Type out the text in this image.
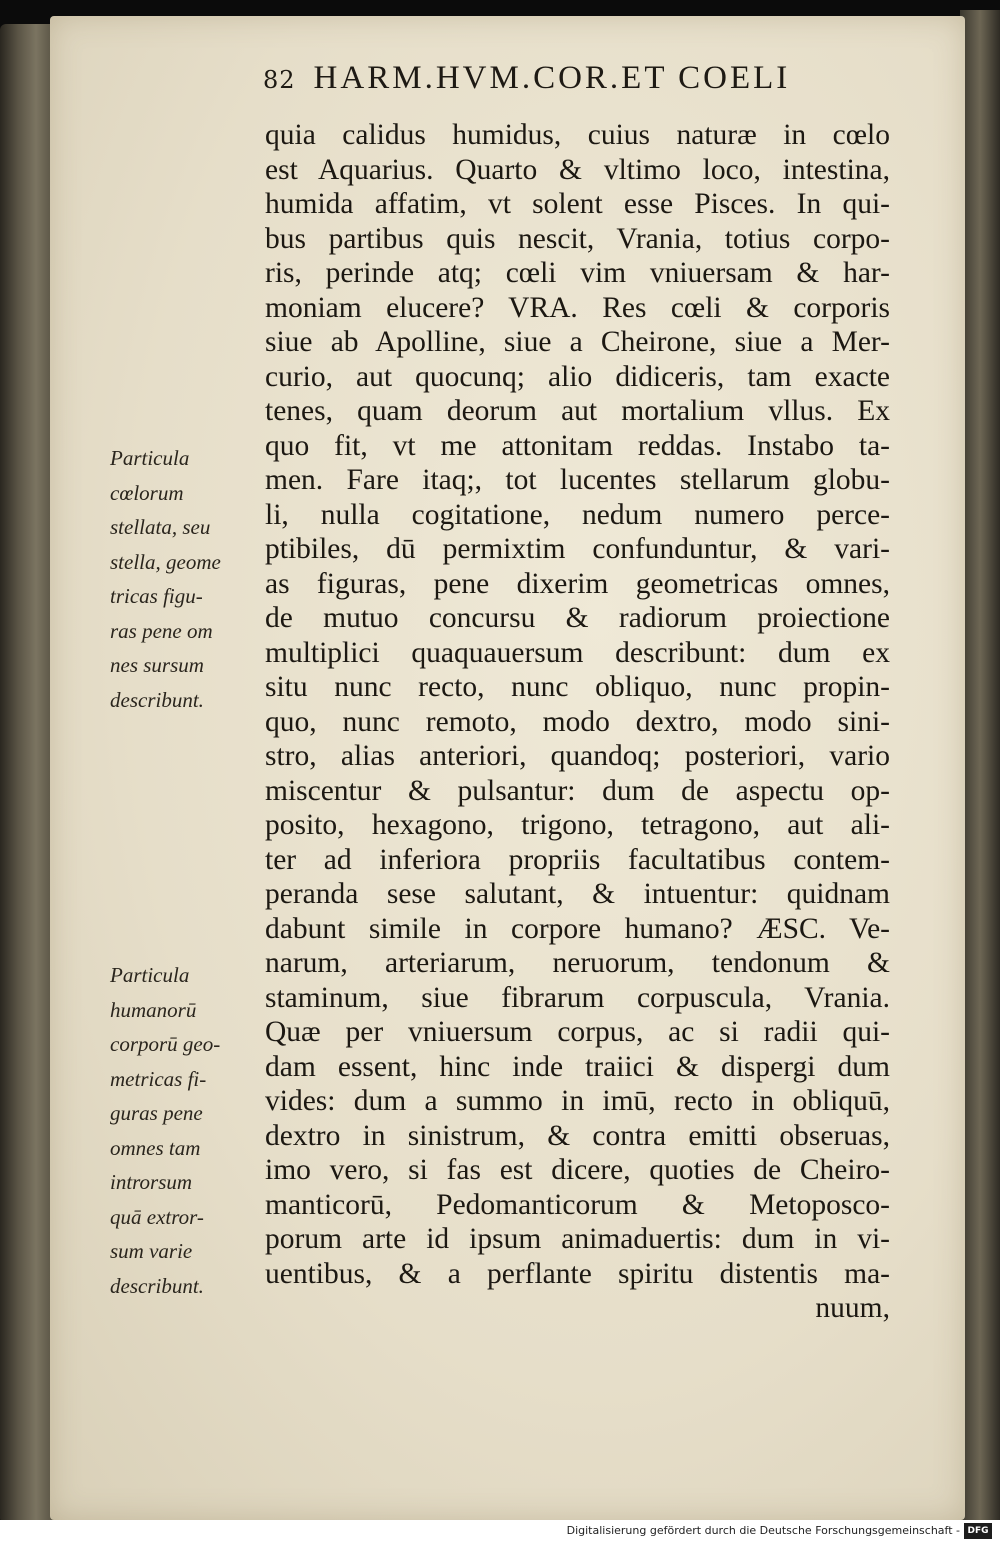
82 HARM.HVM.COR.ET COELI
quia calidus humidus, cuius naturæ in cœlo
est Aquarius. Quarto & vltimo loco, intestina,
humida affatim, vt solent esse Pisces. In qui-
bus partibus quis nescit, Vrania, totius corpo-
ris, perinde atq; cœli vim vniuersam & har-
moniam elucere? VRA. Res cœli & corporis
siue ab Apolline, siue a Cheirone, siue a Mer-
curio, aut quocunq; alio didiceris, tam exacte
tenes, quam deorum aut mortalium vllus. Ex
quo fit, vt me attonitam reddas. Instabo ta-
men. Fare itaq;, tot lucentes stellarum globu-
li, nulla cogitatione, nedum numero perce-
ptibiles, dū permixtim confunduntur, & vari-
as figuras, pene dixerim geometricas omnes,
de mutuo concursu & radiorum proiectione
multiplici quaquauersum describunt: dum ex
situ nunc recto, nunc obliquo, nunc propin-
quo, nunc remoto, modo dextro, modo sini-
stro, alias anteriori, quandoq; posteriori, vario
miscentur & pulsantur: dum de aspectu op-
posito, hexagono, trigono, tetragono, aut ali-
ter ad inferiora propriis facultatibus contem-
peranda sese salutant, & intuentur: quidnam
dabunt simile in corpore humano? ÆSC. Ve-
narum, arteriarum, neruorum, tendonum &
staminum, siue fibrarum corpuscula, Vrania.
Quæ per vniuersum corpus, ac si radii qui-
dam essent, hinc inde traiici & dispergi dum
vides: dum a summo in imū, recto in obliquū,
dextro in sinistrum, & contra emitti obseruas,
imo vero, si fas est dicere, quoties de Cheiro-
manticorū, Pedomanticorum & Metoposco-
porum arte id ipsum animaduertis: dum in vi-
uentibus, & a perflante spiritu distentis ma-
nuum,
Particula
cœlorum
stellata, seu
stella, geome
tricas figu-
ras pene om
nes sursum
describunt.
Particula
humanorū
corporū geo-
metricas fi-
guras pene
omnes tam
introrsum
quā extror-
sum varie
describunt.
Digitalisierung gefördert durch die Deutsche Forschungsgemeinschaft - DFG
